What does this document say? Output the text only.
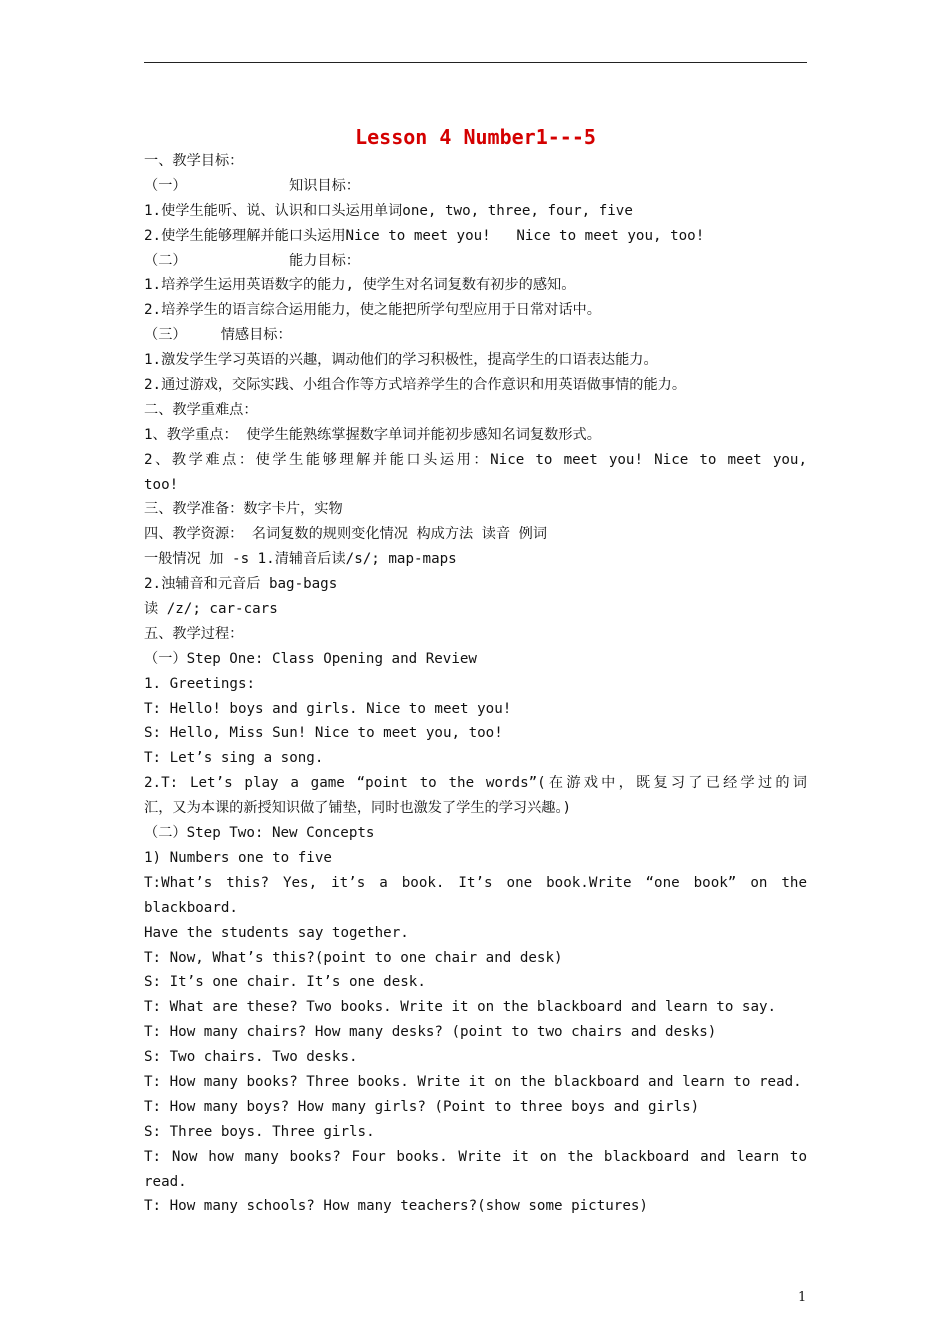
Lesson 4 Number1---5
一、教学目标：
（一）            知识目标：
1.使学生能听、说、认识和口头运用单词one, two, three, four, five
2.使学生能够理解并能口头运用Nice to meet you!   Nice to meet you, too!
（二）            能力目标：
1.培养学生运用英语数字的能力, 使学生对名词复数有初步的感知。
2.培养学生的语言综合运用能力，使之能把所学句型应用于日常对话中。
（三）    情感目标：
1.激发学生学习英语的兴趣，调动他们的学习积极性，提高学生的口语表达能力。
2.通过游戏，交际实践、小组合作等方式培养学生的合作意识和用英语做事情的能力。
二、教学重难点：
1、教学重点： 使学生能熟练掌握数字单词并能初步感知名词复数形式。
2、教学难点：使学生能够理解并能口头运用：Nice to meet you! Nice to meet you,
too!
三、教学准备：数字卡片，实物
四、教学资源： 名词复数的规则变化情况 构成方法 读音 例词
一般情况 加 -s 1.清辅音后读/s/; map-maps
2.浊辅音和元音后 bag-bags
读 /z/; car-cars
五、教学过程：
（一）Step One: Class Opening and Review
1. Greetings:
T: Hello! boys and girls. Nice to meet you!
S: Hello, Miss Sun! Nice to meet you, too!
T: Let’s sing a song.
2.T: Let’s play a game “point to the words”(在游戏中，既复习了已经学过的词
汇，又为本课的新授知识做了铺垫，同时也激发了学生的学习兴趣。)
（二）Step Two: New Concepts
1) Numbers one to five
T:What’s this? Yes, it’s a book. It’s one book.Write “one book” on the
blackboard.
Have the students say together.
T: Now, What’s this?(point to one chair and desk)
S: It’s one chair. It’s one desk.
T: What are these? Two books. Write it on the blackboard and learn to say.
T: How many chairs? How many desks? (point to two chairs and desks)
S: Two chairs. Two desks.
T: How many books? Three books. Write it on the blackboard and learn to read.
T: How many boys? How many girls? (Point to three boys and girls)
S: Three boys. Three girls.
T: Now how many books? Four books. Write it on the blackboard and learn to
read.
T: How many schools? How many teachers?(show some pictures)
1
